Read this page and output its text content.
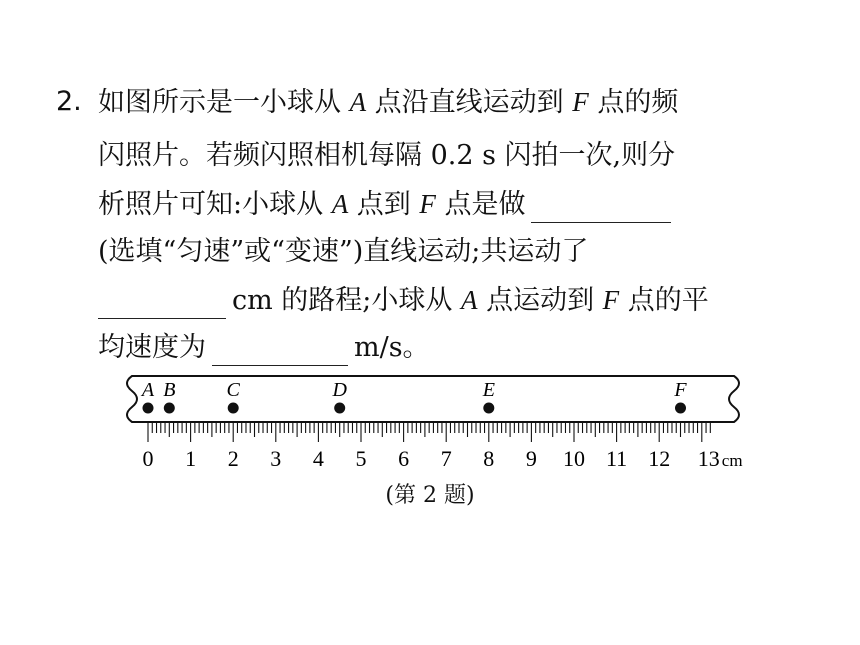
2. 如图所示是一小球从 A 点沿直线运动到 F 点的频
闪照片。若频闪照相机每隔 0.2 s 闪拍一次,则分
析照片可知:小球从 A 点到 F 点是做
(选填“匀速”或“变速”)直线运动;共运动了
cm 的路程;小球从 A 点运动到 F 点的平
均速度为	m/s。
A B	C	D	E	F
0 1 2 3 4 5 6 7 8 9 10 11 12 13 cm
(第 2 题)
